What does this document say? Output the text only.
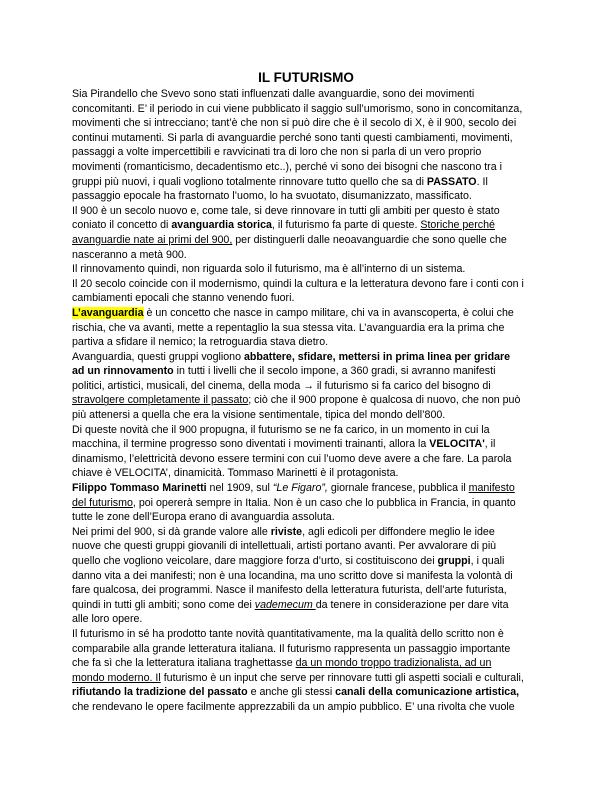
IL FUTURISMO
Sia Pirandello che Svevo sono stati influenzati dalle avanguardie, sono dei movimenti
concomitanti. E’ il periodo in cui viene pubblicato il saggio sull’umorismo, sono in concomitanza,
movimenti che si intrecciano; tant’è che non si può dire che è il secolo di X, è il 900, secolo dei
continui mutamenti. Si parla di avanguardie perché sono tanti questi cambiamenti, movimenti,
passaggi a volte impercettibili e ravvicinati tra di loro che non si parla di un vero proprio
movimenti (romanticismo, decadentismo etc..), perché vi sono dei bisogni che nascono tra i
gruppi più nuovi, i quali vogliono totalmente rinnovare tutto quello che sa di PASSATO. Il
passaggio epocale ha frastornato l’uomo, lo ha svuotato, disumanizzato, massificato.
Il 900 è un secolo nuovo e, come tale, si deve rinnovare in tutti gli ambiti per questo è stato
coniato il concetto di avanguardia storica, il futurismo fa parte di queste. Storiche perché
avanguardie nate ai primi del 900, per distinguerli dalle neoavanguardie che sono quelle che
nasceranno a metà 900.
Il rinnovamento quindi, non riguarda solo il futurismo, ma è all’interno di un sistema.
Il 20 secolo coincide con il modernismo, quindi la cultura e la letteratura devono fare i conti con i
cambiamenti epocali che stanno venendo fuori.
L’avanguardia è un concetto che nasce in campo militare, chi va in avanscoperta, è colui che
rischia, che va avanti, mette a repentaglio la sua stessa vita. L’avanguardia era la prima che
partiva a sfidare il nemico; la retroguardia stava dietro.
Avanguardia, questi gruppi vogliono abbattere, sfidare, mettersi in prima linea per gridare
ad un rinnovamento in tutti i livelli che il secolo impone, a 360 gradi, si avranno manifesti
politici, artistici, musicali, del cinema, della moda → il futurismo si fa carico del bisogno di
stravolgere completamente il passato; ciò che il 900 propone è qualcosa di nuovo, che non può
più attenersi a quella che era la visione sentimentale, tipica del mondo dell’800.
Di queste novità che il 900 propugna, il futurismo se ne fa carico, in un momento in cui la
macchina, il termine progresso sono diventati i movimenti trainanti, allora la VELOCITA', il
dinamismo, l’elettricità devono essere termini con cui l’uomo deve avere a che fare. La parola
chiave è VELOCITA’, dinamicità. Tommaso Marinetti è il protagonista.
Filippo Tommaso Marinetti nel 1909, sul “Le Figaro”, giornale francese, pubblica il manifesto
del futurismo, poi opererà sempre in Italia. Non è un caso che lo pubblica in Francia, in quanto
tutte le zone dell’Europa erano di avanguardia assoluta.
Nei primi del 900, si dà grande valore alle riviste, agli edicoli per diffondere meglio le idee
nuove che questi gruppi giovanili di intellettuali, artisti portano avanti. Per avvalorare di più
quello che vogliono veicolare, dare maggiore forza d’urto, si costituiscono dei gruppi, i quali
danno vita a dei manifesti; non è una locandina, ma uno scritto dove si manifesta la volontà di
fare qualcosa, dei programmi. Nasce il manifesto della letteratura futurista, dell’arte futurista,
quindi in tutti gli ambiti; sono come dei vademecum da tenere in considerazione per dare vita
alle loro opere.
Il futurismo in sé ha prodotto tante novità quantitativamente, ma la qualità dello scritto non è
comparabile alla grande letteratura italiana. Il futurismo rappresenta un passaggio importante
che fa sì che la letteratura italiana traghettasse da un mondo troppo tradizionalista, ad un
mondo moderno. Il futurismo è un input che serve per rinnovare tutti gli aspetti sociali e culturali,
rifiutando la tradizione del passato e anche gli stessi canali della comunicazione artistica,
che rendevano le opere facilmente apprezzabili da un ampio pubblico. E’ una rivolta che vuole
